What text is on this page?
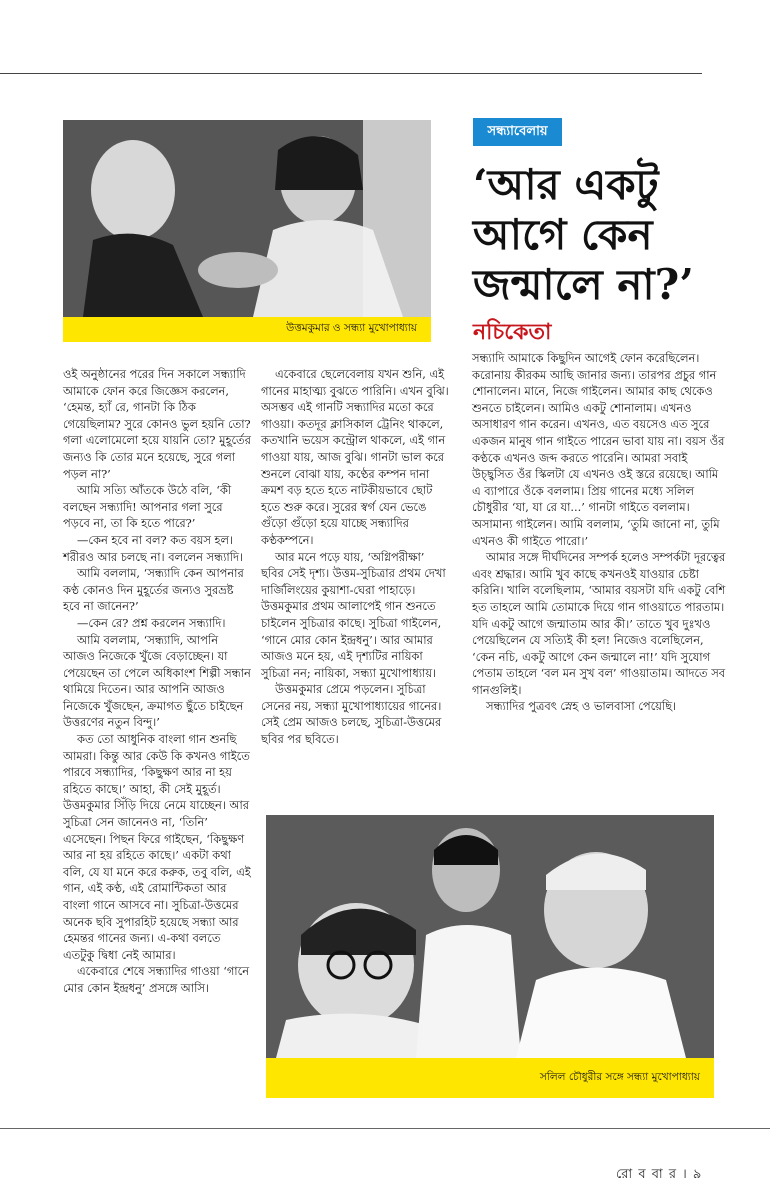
উত্তমকুমার ও সন্ধ্যা মুখোপাধ্যায়
সন্ধ্যাবেলায়
‘আর একটু
আগে কেন
জন্মালে না?’
নচিকেতা

ওই অনুষ্ঠানের পরের দিন সকালে সন্ধ্যাদি আমাকে ফোন করে জিজ্ঞেস করলেন, ‘হেমন্ত, হ্যাঁ রে, গানটা কি ঠিক গেয়েছিলাম? সুরে কোনও ভুল হয়নি তো? গলা এলোমেলো হয়ে যায়নি তো? মুহূর্তের জন্যও কি তোর মনে হয়েছে, সুরে গলা পড়ল না?’

আমি সত্যি আঁতকে উঠে বলি, ‘কী বলছেন সন্ধ্যাদি! আপনার গলা সুরে পড়বে না, তা কি হতে পারে?’

—কেন হবে না বল? কত বয়স হল। শরীরও আর চলছে না। বললেন সন্ধ্যাদি।

আমি বললাম, ‘সন্ধ্যাদি কেন আপনার কণ্ঠ কোনও দিন মুহূর্তের জন্যও সুরভ্রষ্ট হবে না জানেন?’

—কেন রে? প্রশ্ন করলেন সন্ধ্যাদি।

আমি বললাম, ‘সন্ধ্যাদি, আপনি আজও নিজেকে খুঁজে বেড়াচ্ছেন। যা পেয়েছেন তা পেলে অধিকাংশ শিল্পী সন্ধান থামিয়ে দিতেন। আর আপনি আজও নিজেকে খুঁজছেন, ক্রমাগত ছুঁতে চাইছেন উত্তরণের নতুন বিন্দু।’

কত তো আধুনিক বাংলা গান শুনছি আমরা। কিন্তু আর কেউ কি কখনও গাইতে পারবে সন্ধ্যাদির, ‘কিছুক্ষণ আর না হয় রহিতে কাছে।’ আহা, কী সেই মুহূর্ত। উত্তমকুমার সিঁড়ি দিয়ে নেমে যাচ্ছেন। আর সুচিত্রা সেন জানেনও না, ‘তিনি’ এসেছেন। পিছন ফিরে গাইছেন, ‘কিছুক্ষণ আর না হয় রহিতে কাছে।’ একটা কথা বলি, যে যা মনে করে করুক, তবু বলি, এই গান, এই কণ্ঠ, এই রোমান্টিকতা আর বাংলা গানে আসবে না। সুচিত্রা-উত্তমের অনেক ছবি সুপারহিট হয়েছে সন্ধ্যা আর হেমন্তর গানের জন্য। এ-কথা বলতে এতটুকু দ্বিধা নেই আমার।

একেবারে শেষে সন্ধ্যাদির গাওয়া ‘গানে মোর কোন ইন্দ্রধনু’ প্রসঙ্গে আসি।

একেবারে ছেলেবেলায় যখন শুনি, এই গানের মাহাত্ম্য বুঝতে পারিনি। এখন বুঝি। অসম্ভব এই গানটি সন্ধ্যাদির মতো করে গাওয়া। কতদূর ক্লাসিকাল ট্রেনিং থাকলে, কতখানি ভয়েস কন্ট্রোল থাকলে, এই গান গাওয়া যায়, আজ বুঝি। গানটা ভাল করে শুনলে বোঝা যায়, কণ্ঠের কম্পন দানা ক্রমশ বড় হতে হতে নাটকীয়ভাবে ছোট হতে শুরু করে। সুরের স্বর্গ যেন ভেঙে গুঁড়ো গুঁড়ো হয়ে যাচ্ছে সন্ধ্যাদির কণ্ঠকম্পনে।

আর মনে পড়ে যায়, ‘অগ্নিপরীক্ষা’ ছবির সেই দৃশ্য। উত্তম-সুচিত্রার প্রথম দেখা দার্জিলিংয়ের কুয়াশা-ঘেরা পাহাড়ে। উত্তমকুমার প্রথম আলাপেই গান শুনতে চাইলেন সুচিত্রার কাছে। সুচিত্রা গাইলেন, ‘গানে মোর কোন ইন্দ্রধনু’। আর আমার আজও মনে হয়, এই দৃশ্যটির নায়িকা সুচিত্রা নন; নায়িকা, সন্ধ্যা মুখোপাধ্যায়।

উত্তমকুমার প্রেমে পড়লেন। সুচিত্রা সেনের নয়, সন্ধ্যা মুখোপাধ্যায়ের গানের। সেই প্রেম আজও চলছে, সুচিত্রা-উত্তমের ছবির পর ছবিতে।

সন্ধ্যাদি আমাকে কিছুদিন আগেই ফোন করেছিলেন। করোনায় কীরকম আছি জানার জন্য। তারপর প্রচুর গান শোনালেন। মানে, নিজে গাইলেন। আমার কাছ থেকেও শুনতে চাইলেন। আমিও একটু শোনালাম। এখনও অসাধারণ গান করেন। এখনও, এত বয়সেও এত সুরে একজন মানুষ গান গাইতে পারেন ভাবা যায় না। বয়স ওঁর কণ্ঠকে এখনও জব্দ করতে পারেনি। আমরা সবাই উচ্ছ্বসিত ওঁর স্কিলটা যে এখনও ওই স্তরে রয়েছে। আমি এ ব্যাপারে ওঁকে বললাম। প্রিয় গানের মধ্যে সলিল চৌধুরীর ‘যা, যা রে যা...’ গানটা গাইতে বললাম। অসামান্য গাইলেন। আমি বললাম, ‘তুমি জানো না, তুমি এখনও কী গাইতে পারো।’

আমার সঙ্গে দীর্ঘদিনের সম্পর্ক হলেও সম্পর্কটা দূরত্বের এবং শ্রদ্ধার। আমি খুব কাছে কখনওই যাওয়ার চেষ্টা করিনি। খালি বলেছিলাম, ‘আমার বয়সটা যদি একটু বেশি হত তাহলে আমি তোমাকে দিয়ে গান গাওয়াতে পারতাম। যদি একটু আগে জন্মাতাম আর কী।’ তাতে খুব দুঃখও পেয়েছিলেন যে সত্যিই কী হল! নিজেও বলেছিলেন, ‘কেন নচি, একটু আগে কেন জন্মালে না!’ যদি সুযোগ পেতাম তাহলে ‘বল মন সুখ বল’ গাওয়াতাম। আদতে সব গানগুলিই।

সন্ধ্যাদির পুত্রবৎ স্নেহ ও ভালবাসা পেয়েছি।

সলিল চৌধুরীর সঙ্গে সন্ধ্যা মুখোপাধ্যায়
রো ব বা র । ৯
